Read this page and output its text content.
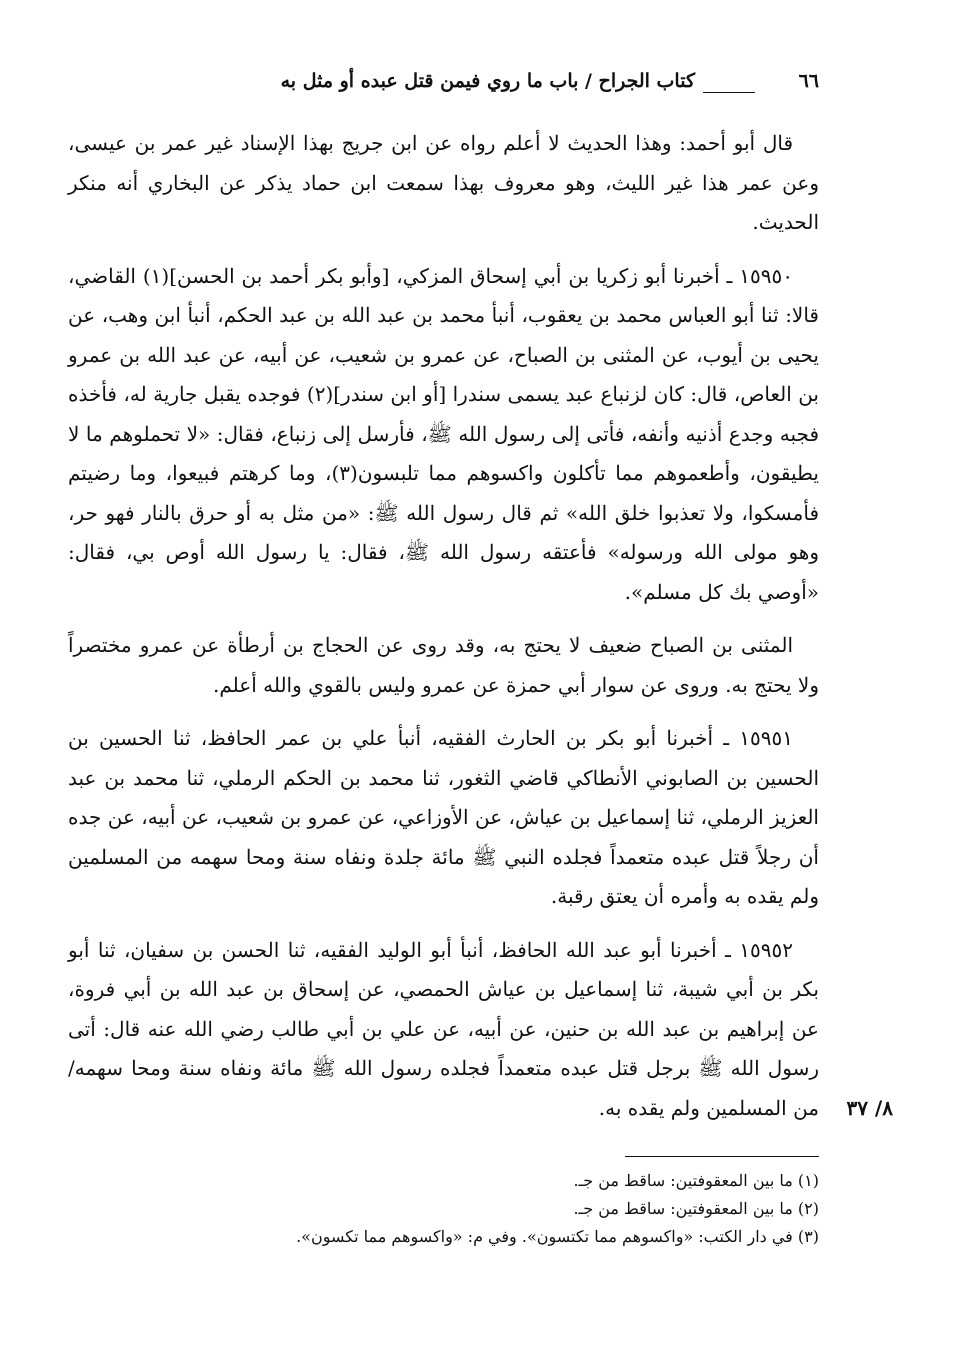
٦٦
كتاب الجراح / باب ما روي فيمن قتل عبده أو مثل به

قال أبو أحمد: وهذا الحديث لا أعلم رواه عن ابن جريج بهذا الإسناد غير عمر بن عيسى، وعن عمر هذا غير الليث، وهو معروف بهذا سمعت ابن حماد يذكر عن البخاري أنه منكر الحديث.

١٥٩٥٠ ـ أخبرنا أبو زكريا بن أبي إسحاق المزكي، [وأبو بكر أحمد بن الحسن](١) القاضي، قالا: ثنا أبو العباس محمد بن يعقوب، أنبأ محمد بن عبد الله بن عبد الحكم، أنبأ ابن وهب، عن يحيى بن أيوب، عن المثنى بن الصباح، عن عمرو بن شعيب، عن أبيه، عن عبد الله بن عمرو بن العاص، قال: كان لزنباع عبد يسمى سندرا [أو ابن سندر](٢) فوجده يقبل جارية له، فأخذه فجبه وجدع أذنيه وأنفه، فأتى إلى رسول الله ﷺ، فأرسل إلى زنباع، فقال: «لا تحملوهم ما لا يطيقون، وأطعموهم مما تأكلون واكسوهم مما تلبسون(٣)، وما كرهتم فبيعوا، وما رضيتم فأمسكوا، ولا تعذبوا خلق الله» ثم قال رسول الله ﷺ: «من مثل به أو حرق بالنار فهو حر، وهو مولى الله ورسوله» فأعتقه رسول الله ﷺ، فقال: يا رسول الله أوص بي، فقال: «أوصي بك كل مسلم».

المثنى بن الصباح ضعيف لا يحتج به، وقد روى عن الحجاج بن أرطأة عن عمرو مختصراً ولا يحتج به. وروى عن سوار أبي حمزة عن عمرو وليس بالقوي والله أعلم.

١٥٩٥١ ـ أخبرنا أبو بكر بن الحارث الفقيه، أنبأ علي بن عمر الحافظ، ثنا الحسين بن الحسين بن الصابوني الأنطاكي قاضي الثغور، ثنا محمد بن الحكم الرملي، ثنا محمد بن عبد العزيز الرملي، ثنا إسماعيل بن عياش، عن الأوزاعي، عن عمرو بن شعيب، عن أبيه، عن جده أن رجلاً قتل عبده متعمداً فجلده النبي ﷺ مائة جلدة ونفاه سنة ومحا سهمه من المسلمين ولم يقده به وأمره أن يعتق رقبة.

١٥٩٥٢ ـ أخبرنا أبو عبد الله الحافظ، أنبأ أبو الوليد الفقيه، ثنا الحسن بن سفيان، ثنا أبو بكر بن أبي شيبة، ثنا إسماعيل بن عياش الحمصي، عن إسحاق بن عبد الله بن أبي فروة، عن إبراهيم بن عبد الله بن حنين، عن أبيه، عن علي بن أبي طالب رضي الله عنه قال: أتى رسول الله ﷺ برجل قتل عبده متعمداً فجلده رسول الله ﷺ مائة ونفاه سنة ومحا سهمه/ من المسلمين ولم يقده به. ٨/ ٣٧

(١) ما بين المعقوفتين: ساقط من جـ.

(٢) ما بين المعقوفتين: ساقط من جـ.

(٣) في دار الكتب: «واكسوهم مما تكتسون». وفي م: «واكسوهم مما تكسون».
